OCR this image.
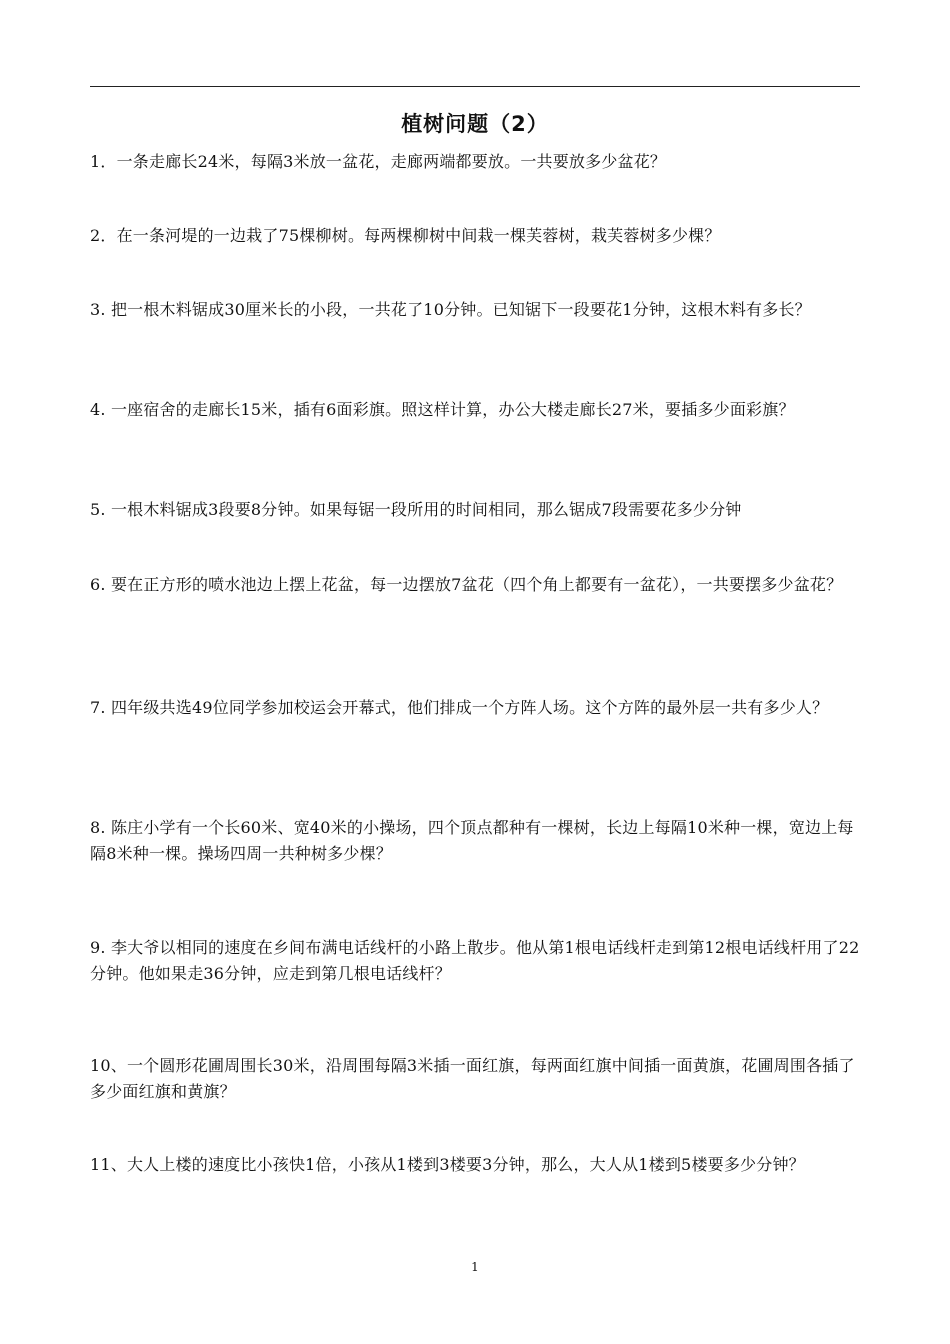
植树问题（2）
1．一条走廊长24米，每隔3米放一盆花，走廊两端都要放。一共要放多少盆花？
2．在一条河堤的一边栽了75棵柳树。每两棵柳树中间栽一棵芙蓉树，栽芙蓉树多少棵？
3. 把一根木料锯成30厘米长的小段，一共花了10分钟。已知锯下一段要花1分钟，这根木料有多长？
4. 一座宿舍的走廊长15米，插有6面彩旗。照这样计算，办公大楼走廊长27米，要插多少面彩旗？
5. 一根木料锯成3段要8分钟。如果每锯一段所用的时间相同，那么锯成7段需要花多少分钟
6. 要在正方形的喷水池边上摆上花盆，每一边摆放7盆花（四个角上都要有一盆花），一共要摆多少盆花？
7. 四年级共选49位同学参加校运会开幕式，他们排成一个方阵人场。这个方阵的最外层一共有多少人？
8. 陈庄小学有一个长60米、宽40米的小操场，四个顶点都种有一棵树，长边上每隔10米种一棵，宽边上每隔8米种一棵。操场四周一共种树多少棵？
9. 李大爷以相同的速度在乡间布满电话线杆的小路上散步。他从第1根电话线杆走到第12根电话线杆用了22分钟。他如果走36分钟，应走到第几根电话线杆？
10、一个圆形花圃周围长30米，沿周围每隔3米插一面红旗，每两面红旗中间插一面黄旗，花圃周围各插了多少面红旗和黄旗？
11、大人上楼的速度比小孩快1倍，小孩从1楼到3楼要3分钟，那么，大人从1楼到5楼要多少分钟？
1
